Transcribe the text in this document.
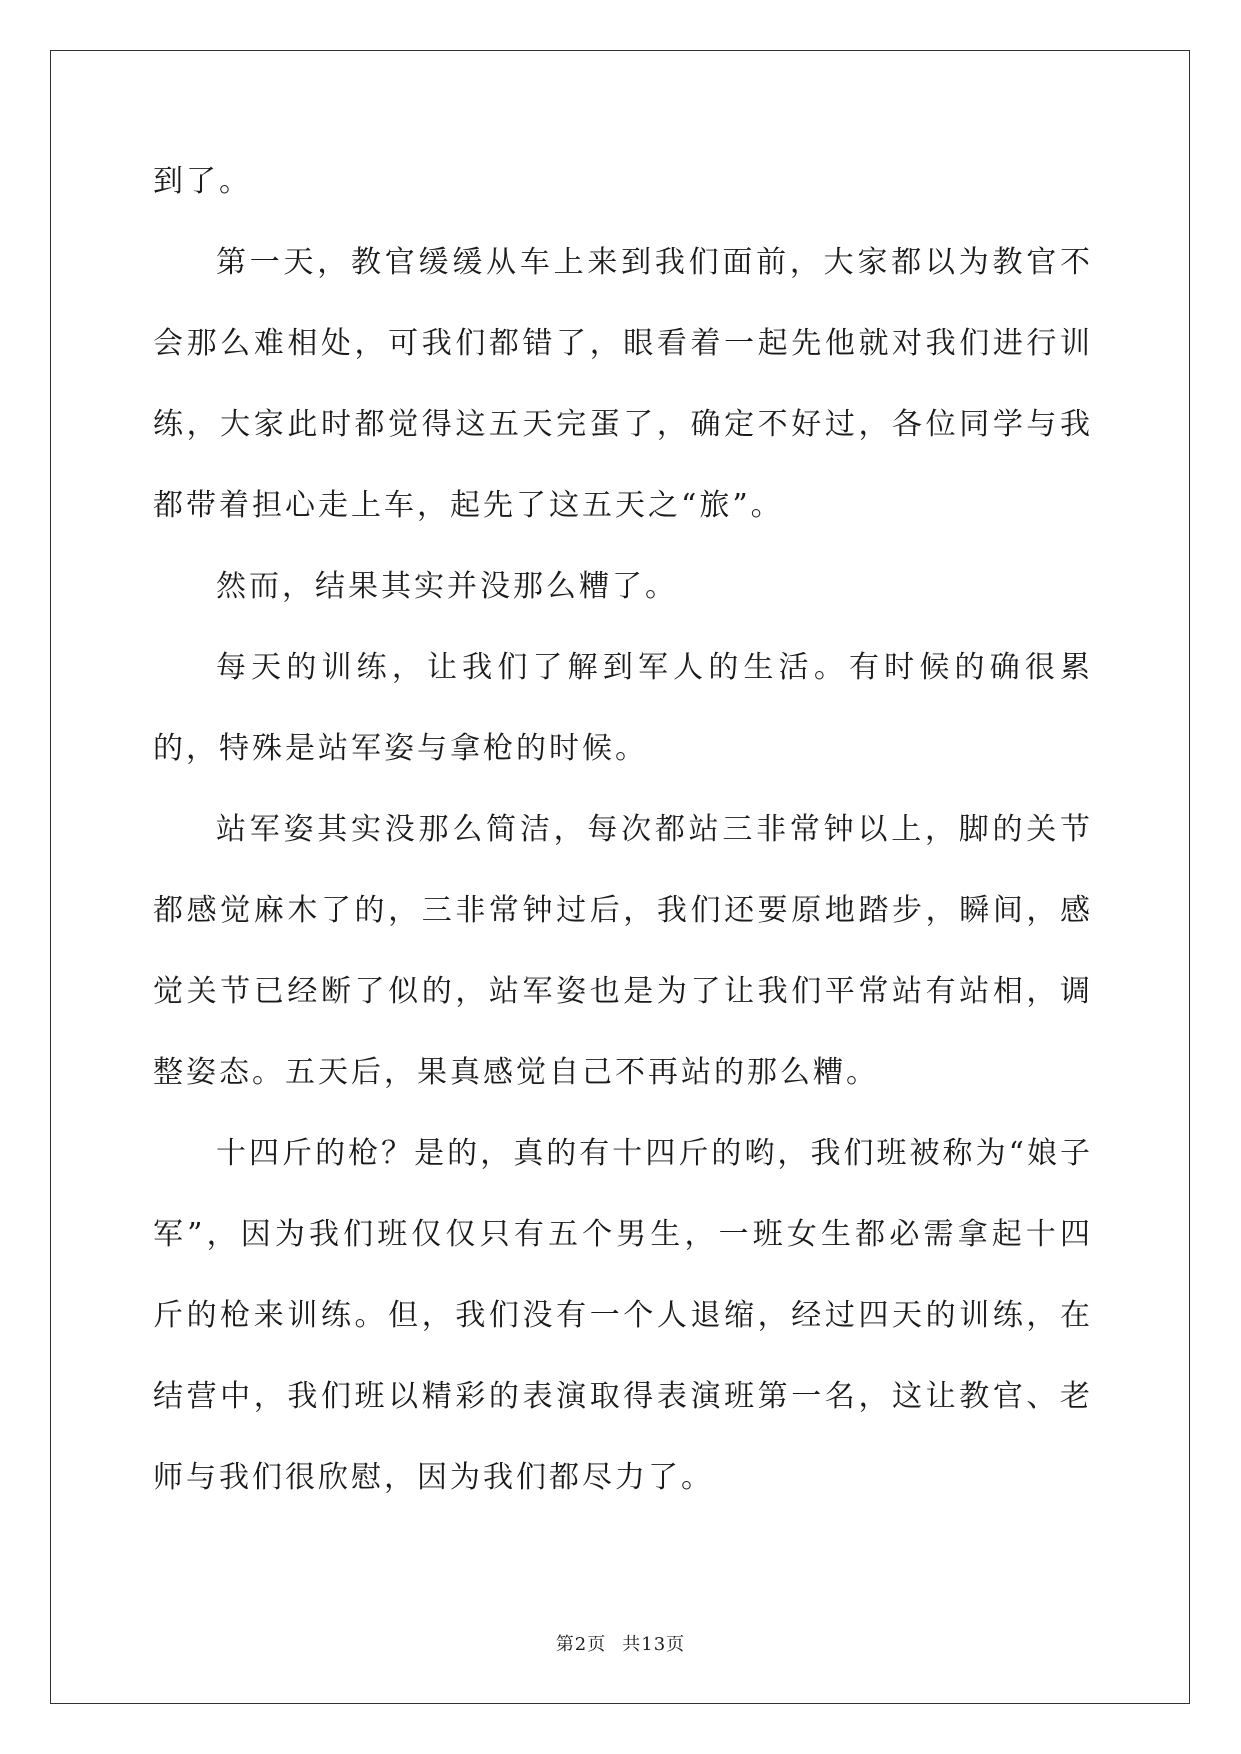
到了。

第一天，教官缓缓从车上来到我们面前，大家都以为教官不会那么难相处，可我们都错了，眼看着一起先他就对我们进行训练，大家此时都觉得这五天完蛋了，确定不好过，各位同学与我都带着担心走上车，起先了这五天之“旅”。

然而，结果其实并没那么糟了。

每天的训练，让我们了解到军人的生活。有时候的确很累的，特殊是站军姿与拿枪的时候。

站军姿其实没那么简洁，每次都站三非常钟以上，脚的关节都感觉麻木了的，三非常钟过后，我们还要原地踏步，瞬间，感觉关节已经断了似的，站军姿也是为了让我们平常站有站相，调整姿态。五天后，果真感觉自己不再站的那么糟。

十四斤的枪？是的，真的有十四斤的哟，我们班被称为“娘子军”，因为我们班仅仅只有五个男生，一班女生都必需拿起十四斤的枪来训练。但，我们没有一个人退缩，经过四天的训练，在结营中，我们班以精彩的表演取得表演班第一名，这让教官、老师与我们很欣慰，因为我们都尽力了。

第2页 共13页
